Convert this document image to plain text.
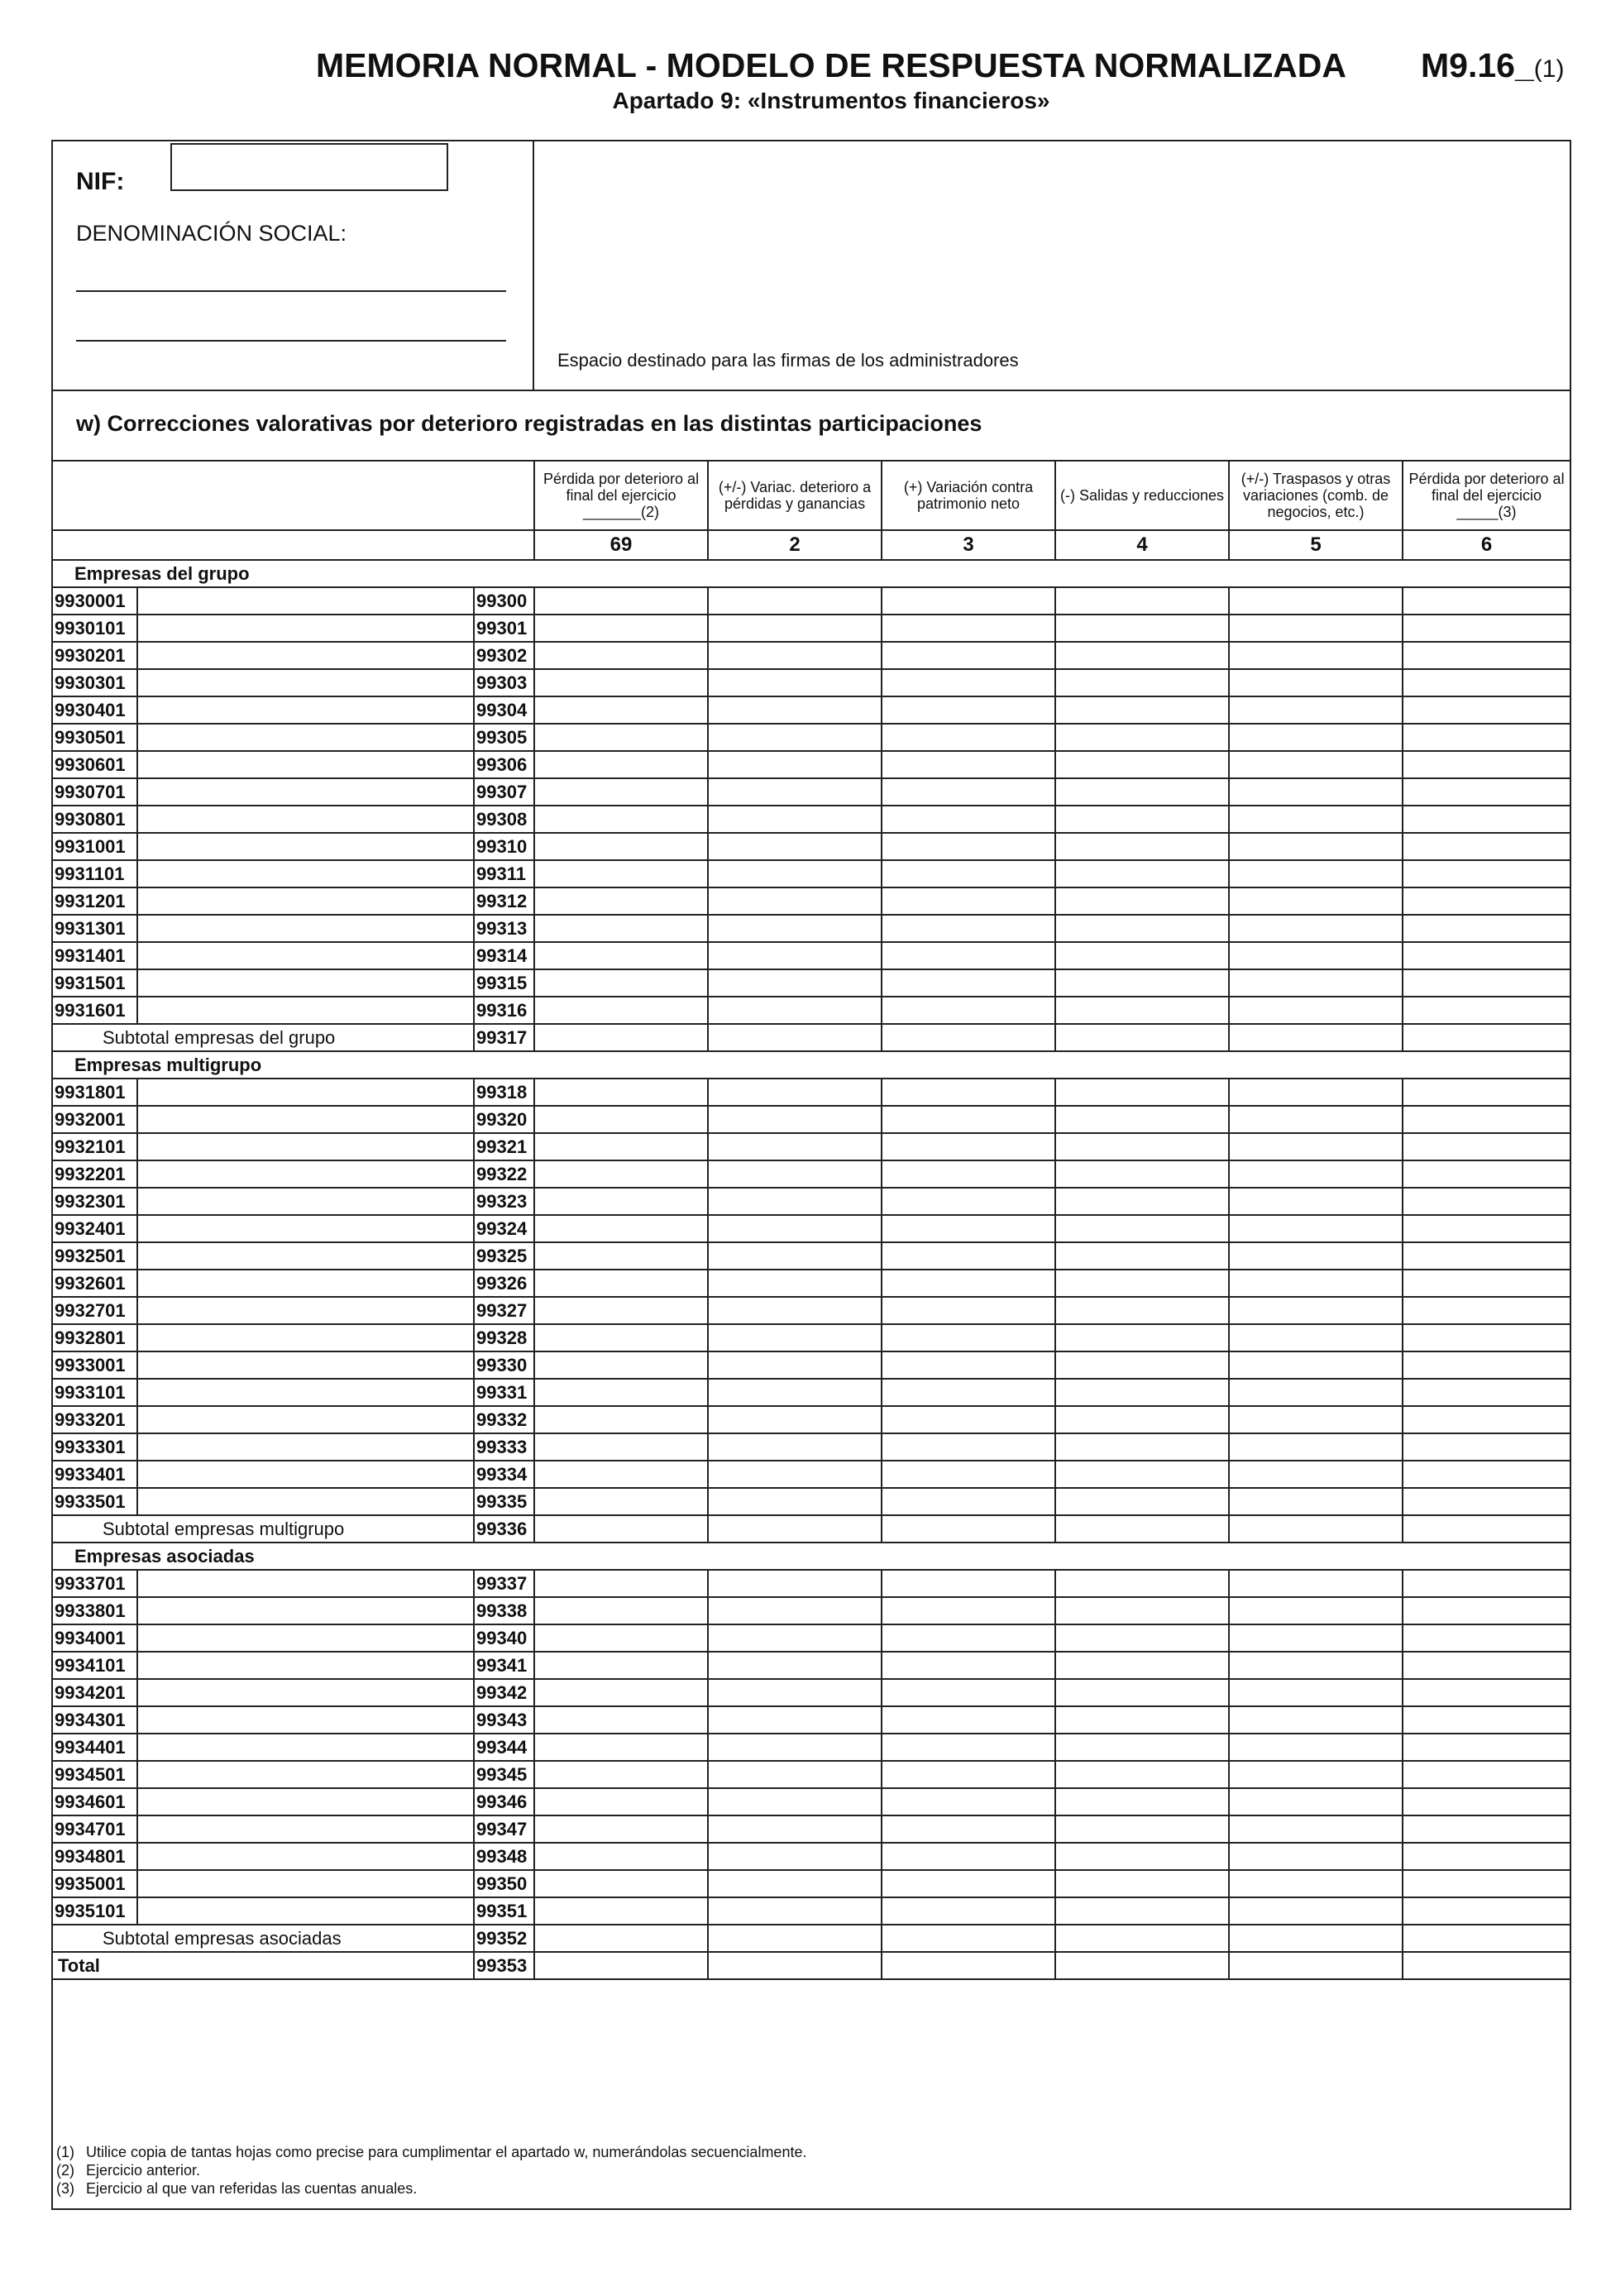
MEMORIA NORMAL - MODELO DE RESPUESTA NORMALIZADA
Apartado 9: «Instrumentos financieros»
M9.16_(1)
NIF:
DENOMINACIÓN SOCIAL:
Espacio destinado para las firmas de los administradores
w) Correcciones valorativas por deterioro registradas en las distintas participaciones
			Pérdida por deterioro al final del ejercicio _______(2)	(+/-) Variac. deterioro a pérdidas y ganancias	(+) Variación contra patrimonio neto	(-) Salidas y reducciones	(+/-) Traspasos y otras variaciones (comb. de negocios, etc.)	Pérdida por deterioro al final del ejercicio _____(3)
			69	2	3	4	5	6
Empresas del grupo								
9930001		99300						
9930101		99301						
9930201		99302						
9930301		99303						
9930401		99304						
9930501		99305						
9930601		99306						
9930701		99307						
9930801		99308						
9931001		99310						
9931101		99311						
9931201		99312						
9931301		99313						
9931401		99314						
9931501		99315						
9931601		99316						
Subtotal empresas del grupo		99317						
Empresas multigrupo								
9931801		99318						
9932001		99320						
9932101		99321						
9932201		99322						
9932301		99323						
9932401		99324						
9932501		99325						
9932601		99326						
9932701		99327						
9932801		99328						
9933001		99330						
9933101		99331						
9933201		99332						
9933301		99333						
9933401		99334						
9933501		99335						
Subtotal empresas multigrupo		99336						
Empresas asociadas								
9933701		99337						
9933801		99338						
9934001		99340						
9934101		99341						
9934201		99342						
9934301		99343						
9934401		99344						
9934501		99345						
9934601		99346						
9934701		99347						
9934801		99348						
9935001		99350						
9935101		99351						
Subtotal empresas asociadas		99352						
Total		99353						
(1) Utilice copia de tantas hojas como precise para cumplimentar el apartado w, numerándolas secuencialmente.
(2) Ejercicio anterior.
(3) Ejercicio al que van referidas las cuentas anuales.
